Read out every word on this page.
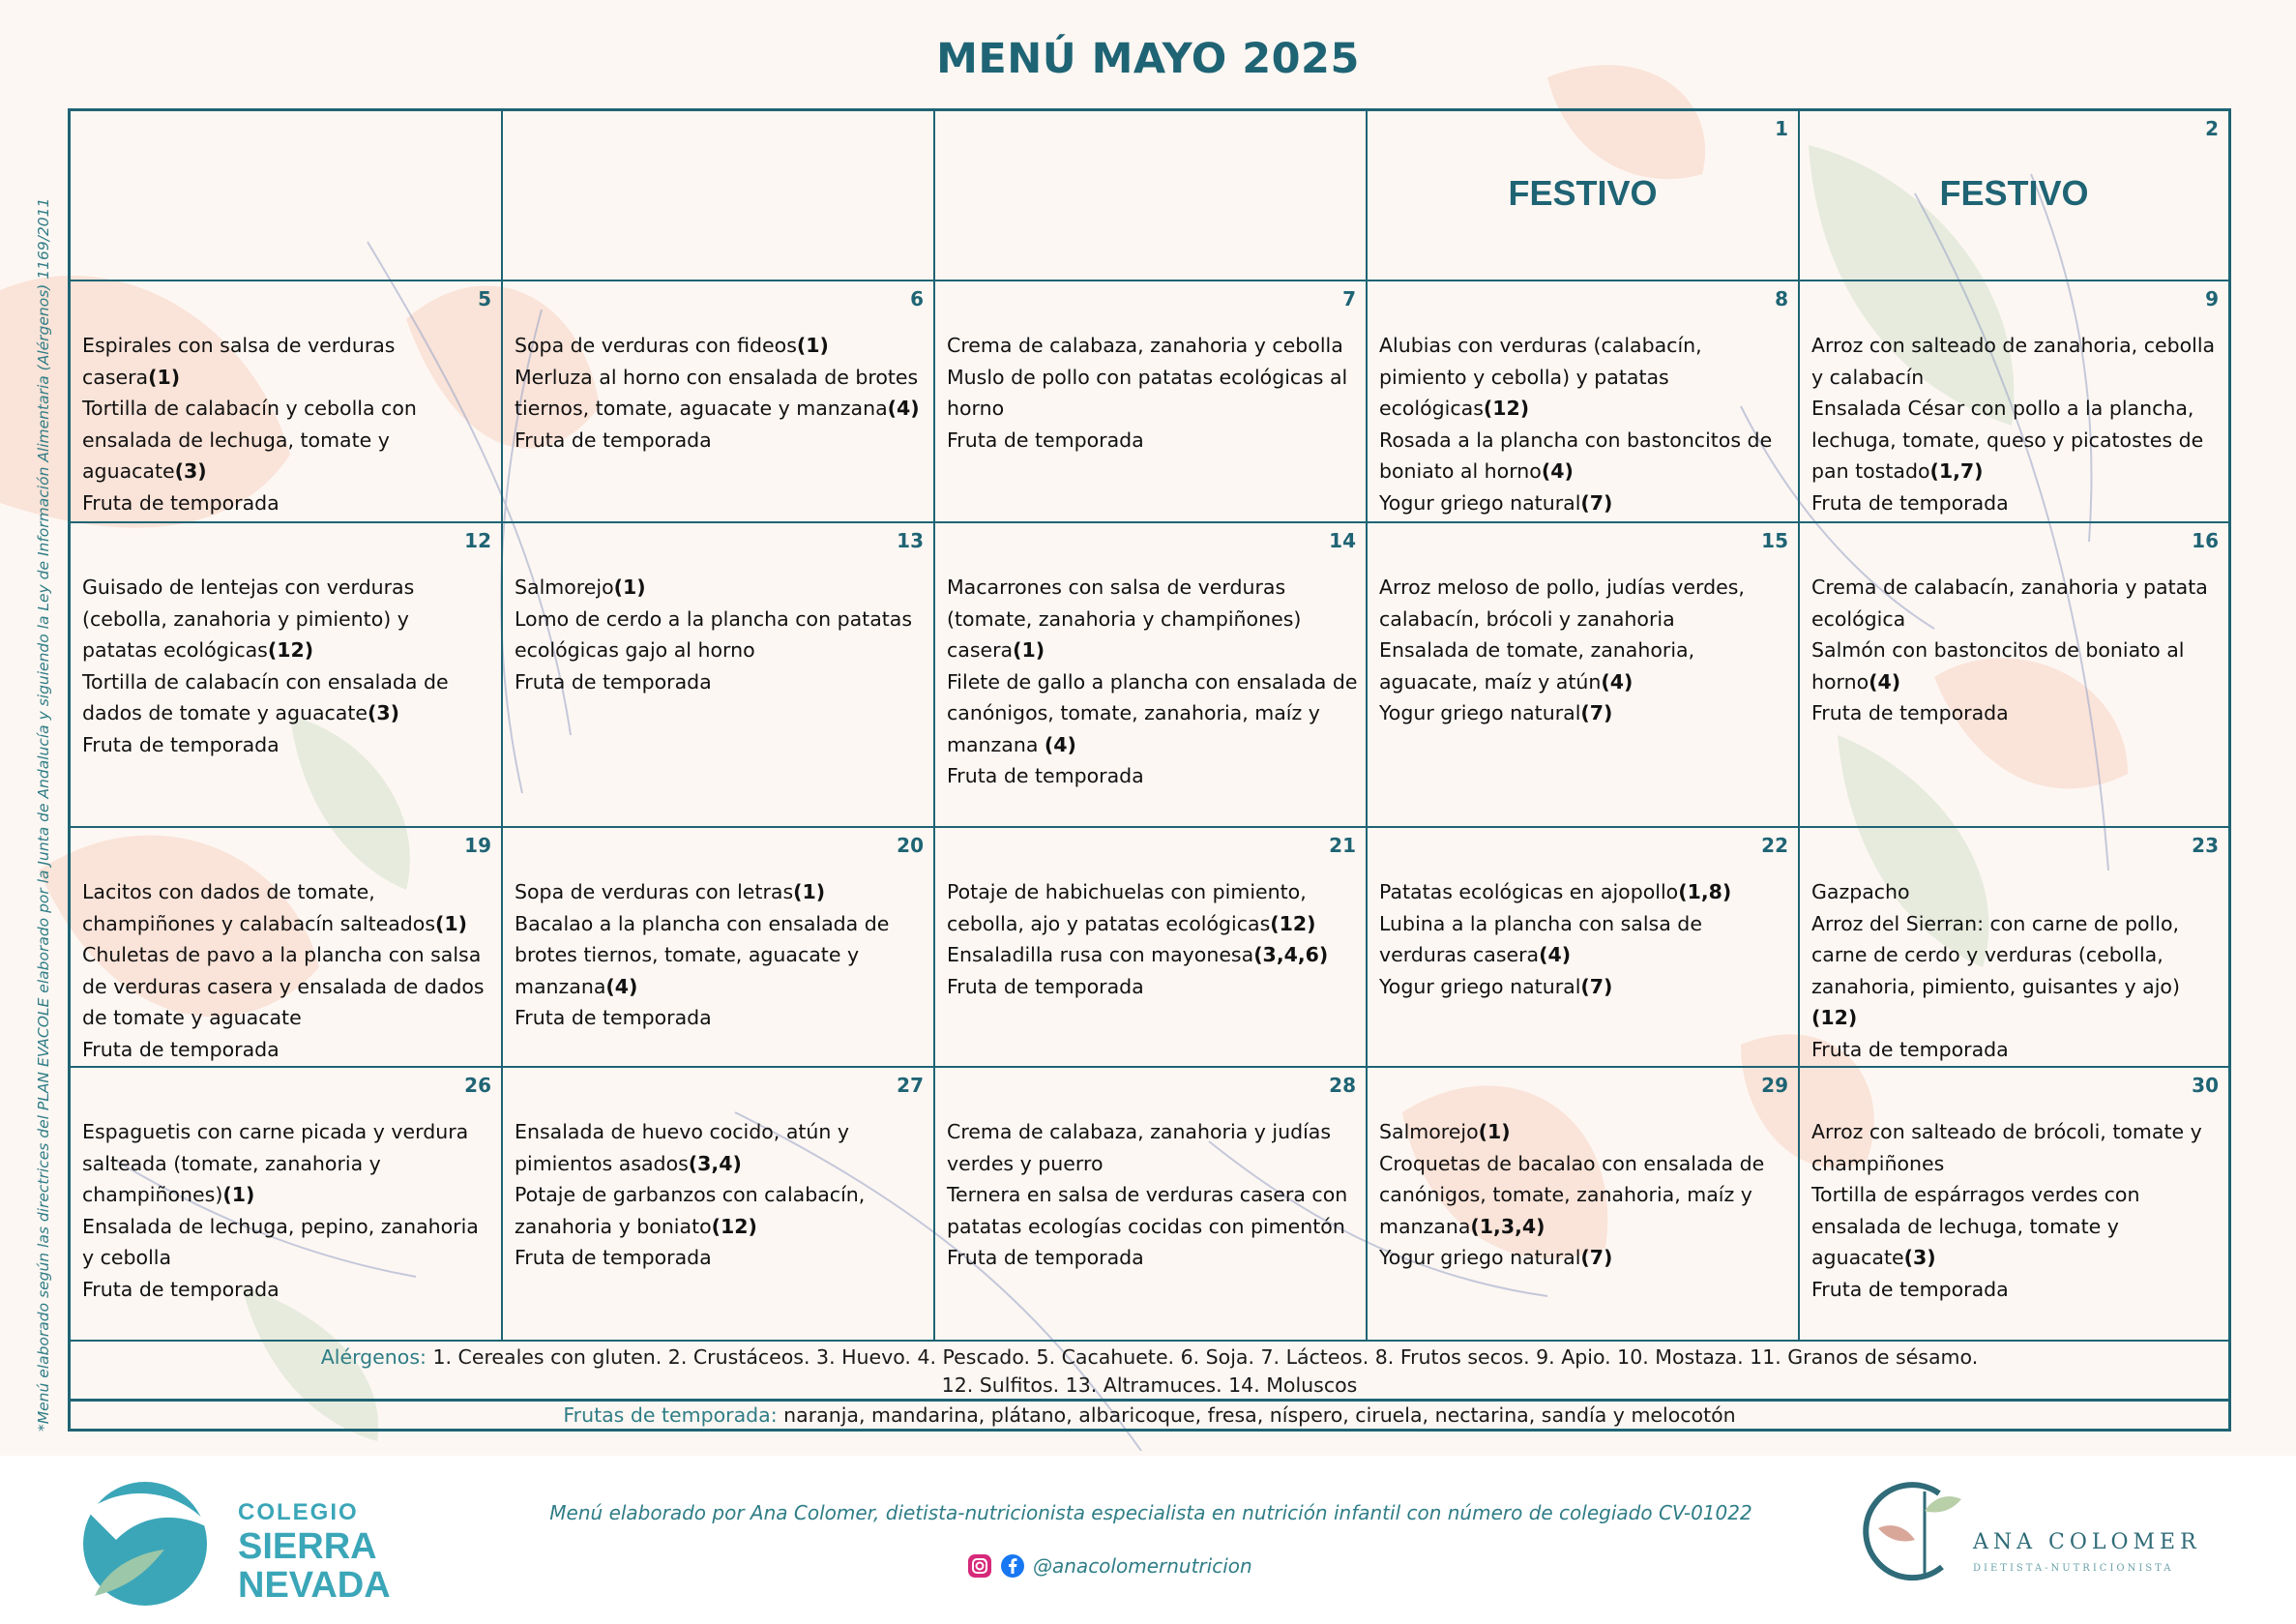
*Menú elaborado según las directrices del PLAN EVACOLE elaborado por la Junta de Andalucía y siguiendo la Ley de Información Alimentaria (Alérgenos) 1169/2011
MENÚ MAYO 2025
Alérgenos: 1. Cereales con gluten. 2. Crustáceos. 3. Huevo. 4. Pescado. 5. Cacahuete. 6. Soja. 7. Lácteos. 8. Frutos secos. 9. Apio. 10. Mostaza. 11. Granos de sésamo.
12. Sulfitos. 13. Altramuces. 14. Moluscos
Frutas de temporada: naranja, mandarina, plátano, albaricoque, fresa, níspero, ciruela, nectarina, sandía y melocotón
1
FESTIVO
2
FESTIVO
5
Espirales con salsa de verduras casera(1)
Tortilla de calabacín y cebolla con
ensalada de lechuga, tomate y
aguacate(3)
Fruta de temporada
6
Sopa de verduras con fideos(1)
Merluza al horno con ensalada de brotes
tiernos, tomate, aguacate y manzana(4)
Fruta de temporada
7
Crema de calabaza, zanahoria y cebolla
Muslo de pollo con patatas ecológicas al
horno
Fruta de temporada
8
Alubias con verduras (calabacín,
pimiento y cebolla) y patatas
ecológicas(12)
Rosada a la plancha con bastoncitos de
boniato al horno(4)
Yogur griego natural(7)
9
Arroz con salteado de zanahoria, cebolla
y calabacín
Ensalada César con pollo a la plancha,
lechuga, tomate, queso y picatostes de
pan tostado(1,7)
Fruta de temporada
12
Guisado de lentejas con verduras
(cebolla, zanahoria y pimiento) y
patatas ecológicas(12)
Tortilla de calabacín con ensalada de
dados de tomate y aguacate(3)
Fruta de temporada
13
Salmorejo(1)
Lomo de cerdo a la plancha con patatas
ecológicas gajo al horno
Fruta de temporada
14
Macarrones con salsa de verduras
(tomate, zanahoria y champiñones)
casera(1)
Filete de gallo a plancha con ensalada de
canónigos, tomate, zanahoria, maíz y
manzana (4)
Fruta de temporada
15
Arroz meloso de pollo, judías verdes,
calabacín, brócoli y zanahoria
Ensalada de tomate, zanahoria,
aguacate, maíz y atún(4)
Yogur griego natural(7)
16
Crema de calabacín, zanahoria y patata
ecológica
Salmón con bastoncitos de boniato al
horno(4)
Fruta de temporada
19
Lacitos con dados de tomate,
champiñones y calabacín salteados(1)
Chuletas de pavo a la plancha con salsa
de verduras casera y ensalada de dados
de tomate y aguacate
Fruta de temporada
20
Sopa de verduras con letras(1)
Bacalao a la plancha con ensalada de
brotes tiernos, tomate, aguacate y
manzana(4)
Fruta de temporada
21
Potaje de habichuelas con pimiento,
cebolla, ajo y patatas ecológicas(12)
Ensaladilla rusa con mayonesa(3,4,6)
Fruta de temporada
22
Patatas ecológicas en ajopollo(1,8)
Lubina a la plancha con salsa de
verduras casera(4)
Yogur griego natural(7)
23
Gazpacho
Arroz del Sierran: con carne de pollo,
carne de cerdo y verduras (cebolla,
zanahoria, pimiento, guisantes y ajo)(12)
Fruta de temporada
26
Espaguetis con carne picada y verdura
salteada (tomate, zanahoria y
champiñones)(1)
Ensalada de lechuga, pepino, zanahoria
y cebolla
Fruta de temporada
27
Ensalada de huevo cocido, atún y
pimientos asados(3,4)
Potaje de garbanzos con calabacín,
zanahoria y boniato(12)
Fruta de temporada
28
Crema de calabaza, zanahoria y judías
verdes y puerro
Ternera en salsa de verduras casera con
patatas ecologías cocidas con pimentón
Fruta de temporada
29
Salmorejo(1)
Croquetas de bacalao con ensalada de
canónigos, tomate, zanahoria, maíz y
manzana(1,3,4)
Yogur griego natural(7)
30
Arroz con salteado de brócoli, tomate y
champiñones
Tortilla de espárragos verdes con
ensalada de lechuga, tomate y
aguacate(3)
Fruta de temporada
COLEGIO
SIERRA
NEVADA
Menú elaborado por Ana Colomer, dietista-nutricionista especialista en nutrición infantil con número de colegiado CV-01022
@anacolomernutricion
ANA COLOMER
DIETISTA-NUTRICIONISTA
